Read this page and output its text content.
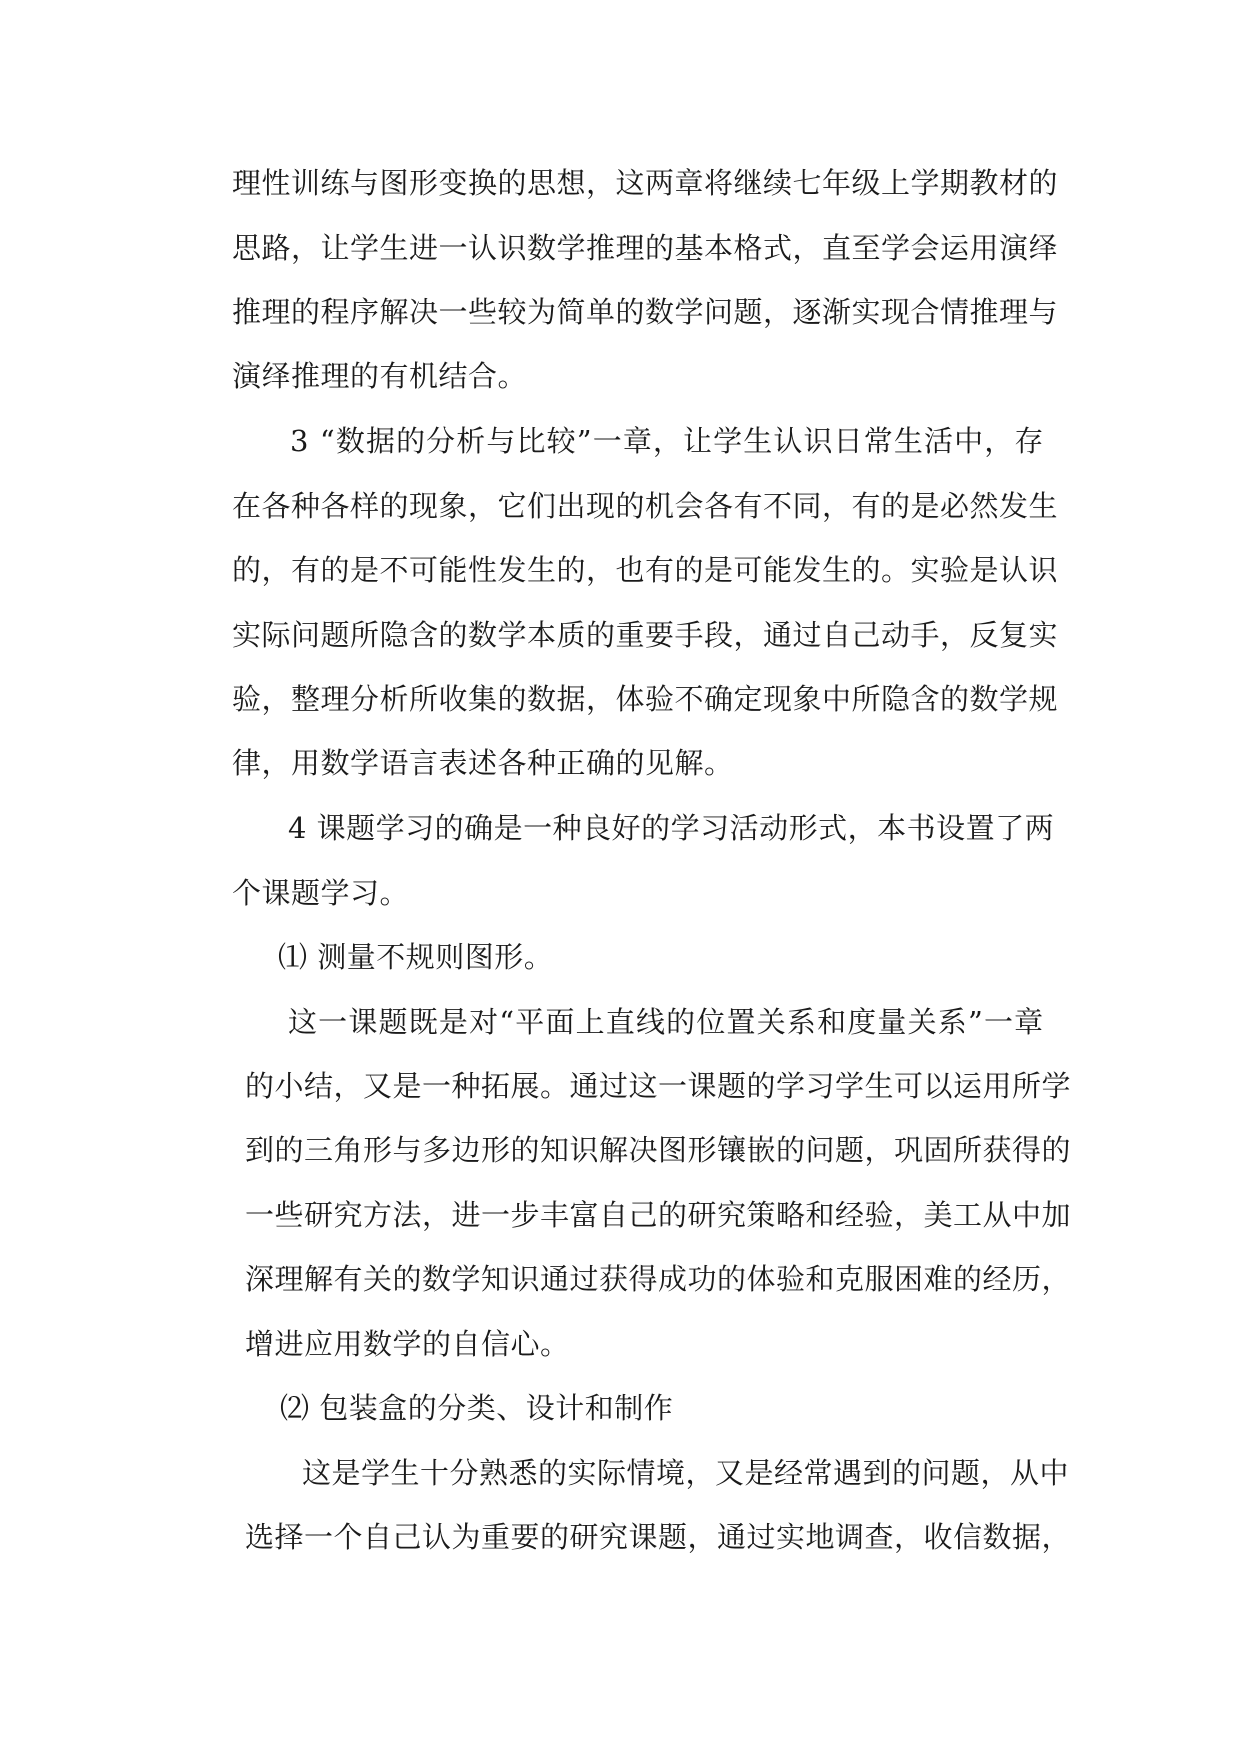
理性训练与图形变换的思想，这两章将继续七年级上学期教材的
思路，让学生进一认识数学推理的基本格式，直至学会运用演绎
推理的程序解决一些较为简单的数学问题，逐渐实现合情推理与
演绎推理的有机结合。
3 “数据的分析与比较”一章，让学生认识日常生活中，存
在各种各样的现象，它们出现的机会各有不同，有的是必然发生
的，有的是不可能性发生的，也有的是可能发生的。实验是认识
实际问题所隐含的数学本质的重要手段，通过自己动手，反复实
验，整理分析所收集的数据，体验不确定现象中所隐含的数学规
律，用数学语言表述各种正确的见解。
4 课题学习的确是一种良好的学习活动形式，本书设置了两
个课题学习。
⑴ 测量不规则图形。
这一课题既是对“平面上直线的位置关系和度量关系”一章
的小结，又是一种拓展。通过这一课题的学习学生可以运用所学
到的三角形与多边形的知识解决图形镶嵌的问题，巩固所获得的
一些研究方法，进一步丰富自己的研究策略和经验，美工从中加
深理解有关的数学知识通过获得成功的体验和克服困难的经历，
增进应用数学的自信心。
⑵ 包装盒的分类、设计和制作
这是学生十分熟悉的实际情境，又是经常遇到的问题，从中
选择一个自己认为重要的研究课题，通过实地调查，收信数据，
